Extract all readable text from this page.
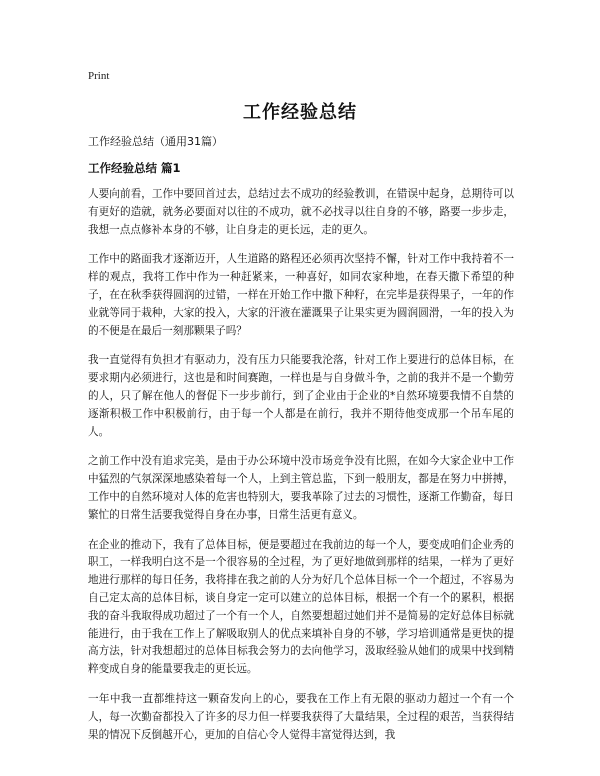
Print
工作经验总结
工作经验总结（通用31篇）
工作经验总结 篇1

人要向前看，工作中要回首过去，总结过去不成功的经验教训，在错误中起身，总期待可以有更好的造就，就务必要面对以往的不成功，就不必找寻以往自身的不够，路要一步步走，我想一点点修补本身的不够，让自身走的更长远，走的更久。

工作中的路面我才逐渐迈开，人生道路的路程还必须再次坚持不懈，针对工作中我持着不一样的观点，我将工作中作为一种赶紧来，一种喜好，如同农家种地，在春天撒下希望的种子，在在秋季获得圆润的过错，一样在开始工作中撒下种籽，在完毕是获得果子，一年的作业就等同于栽种，大家的投入，大家的汗液在灌溉果子让果实更为圆润圆滑，一年的投入为的不便是在最后一刻那颗果子吗？

我一直觉得有负担才有驱动力，没有压力只能要我沦落，针对工作上要进行的总体目标，在要求期内必须进行，这也是和时间赛跑，一样也是与自身做斗争，之前的我并不是一个勤劳的人，只了解在他人的督促下一步步前行，到了企业由于企业的*自然环境要我情不自禁的逐渐积极工作中积极前行，由于每一个人都是在前行，我并不期待他变成那一个吊车尾的人。

之前工作中没有追求完美，是由于办公环境中没市场竞争没有比照，在如今大家企业中工作中猛烈的气氛深深地感染着每一个人，上到主管总监，下到一般朋友，都是在努力中拼搏，工作中的自然环境对人体的危害也特别大，要我革除了过去的习惯性，逐渐工作勤奋，每日繁忙的日常生活要我觉得自身在办事，日常生活更有意义。

在企业的推动下，我有了总体目标，便是要超过在我前边的每一个人，要变成咱们企业秀的职工，一样我明白这不是一个很容易的全过程，为了更好地做到那样的结果，一样为了更好地进行那样的每日任务，我将排在我之前的人分为好几个总体目标一个一个超过，不容易为自己定太高的总体目标，谈自身定一定可以建立的总体目标，根据一个有一个的累积，根据我的奋斗我取得成功超过了一个有一个人，自然要想超过她们并不是简易的定好总体目标就能进行，由于我在工作上了解吸取别人的优点来填补自身的不够，学习培训通常是更快的提高方法，针对我想超过的总体目标我会努力的去向他学习，汲取经验从她们的成果中找到精粹变成自身的能量要我走的更长远。

一年中我一直都维持这一颗奋发向上的心，要我在工作上有无限的驱动力超过一个有一个人，每一次勤奋都投入了许多的尽力但一样要我获得了大量结果，全过程的艰苦，当获得结果的情况下反倒越开心，更加的自信心令人觉得丰富觉得达到，我
